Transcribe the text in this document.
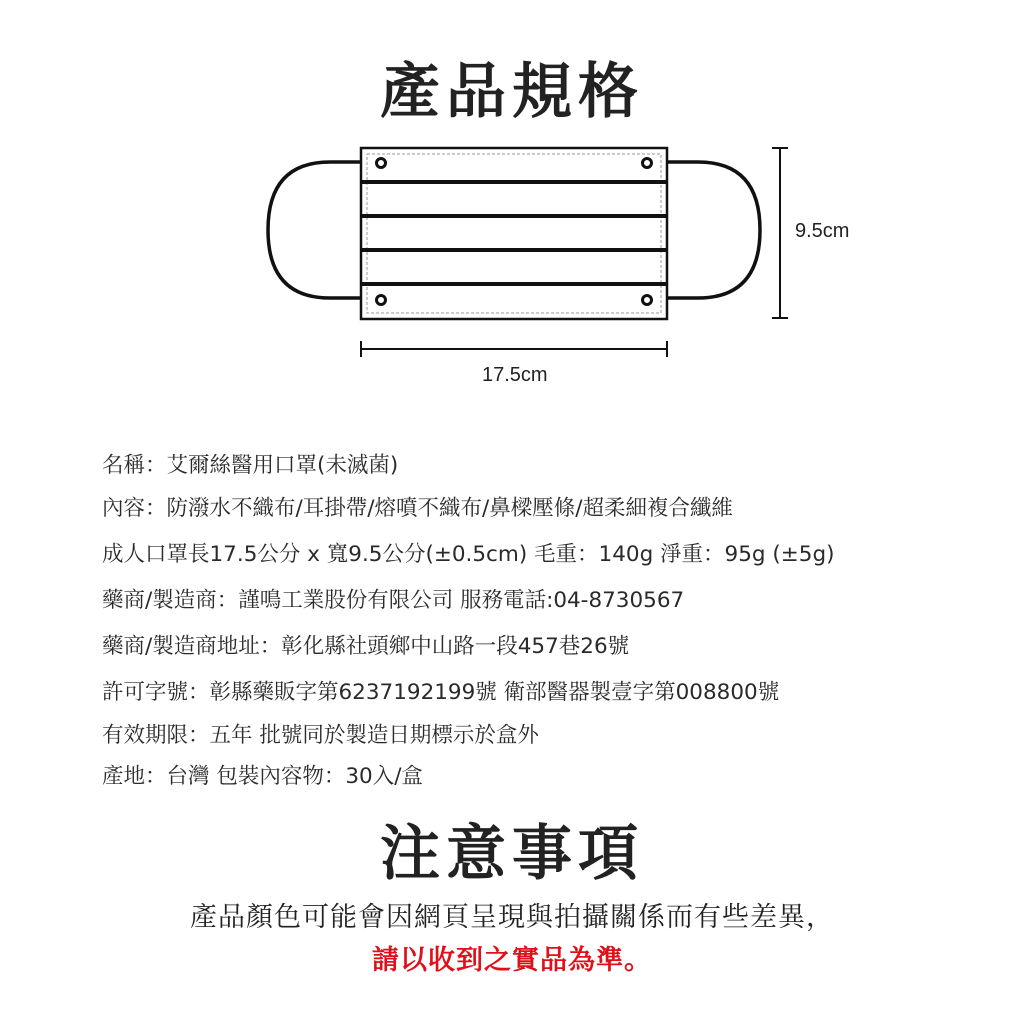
產品規格
9.5cm
17.5cm
名稱：艾爾絲醫用口罩(未滅菌)
內容：防潑水不織布/耳掛帶/熔噴不織布/鼻樑壓條/超柔細複合纖維
成人口罩長17.5公分 x 寬9.5公分(±0.5cm) 毛重：140g 淨重：95g (±5g)
藥商/製造商：謹鳴工業股份有限公司 服務電話:04-8730567
藥商/製造商地址：彰化縣社頭鄉中山路一段457巷26號
許可字號：彰縣藥販字第6237192199號 衛部醫器製壹字第008800號
有效期限：五年 批號同於製造日期標示於盒外
產地：台灣 包裝內容物：30入/盒
注意事項
產品顏色可能會因網頁呈現與拍攝關係而有些差異，
請以收到之實品為準。
